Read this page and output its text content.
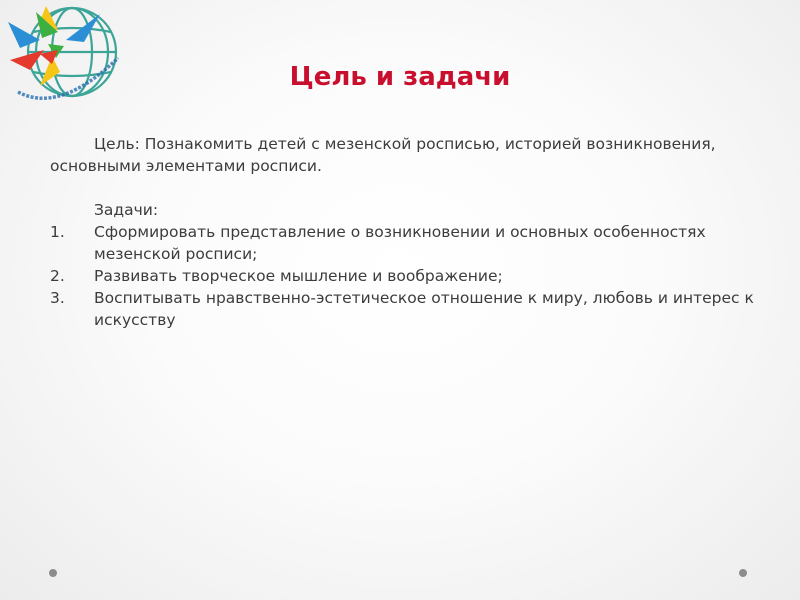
Цель и задачи

Цель: Познакомить детей с мезенской росписью, историей возникновения, основными элементами росписи.

Задачи:

1. Сформировать представление о возникновении и основных особенностях мезенской росписи;
2. Развивать творческое мышление и воображение;
3. Воспитывать нравственно-эстетическое отношение к миру, любовь и интерес к искусству
